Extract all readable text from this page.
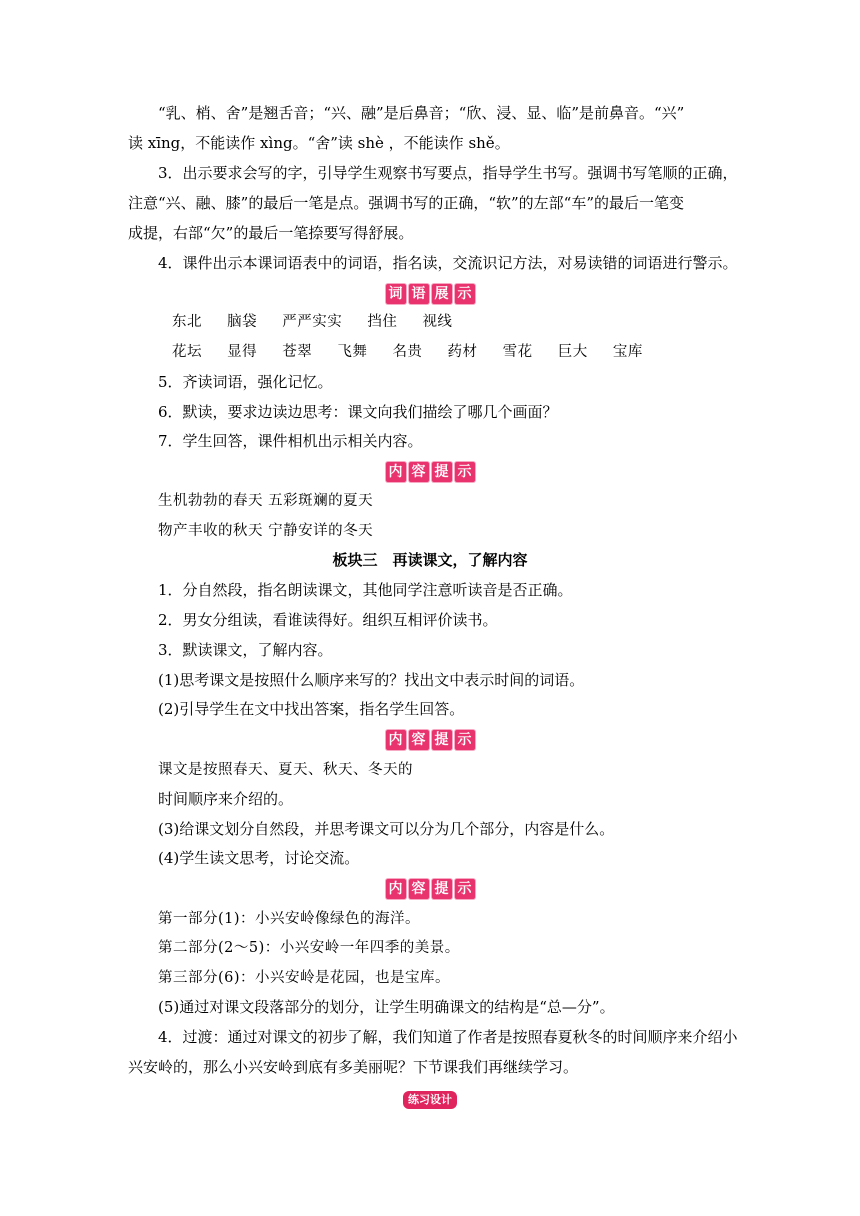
“乳、梢、舍”是翘舌音；“兴、融”是后鼻音；“欣、浸、显、临”是前鼻音。“兴”
读 xīng，不能读作 xìng。“舍”读 shè ，不能读作 shě。
3．出示要求会写的字，引导学生观察书写要点，指导学生书写。强调书写笔顺的正确，
注意“兴、融、膝”的最后一笔是点。强调书写的正确，“软”的左部“车”的最后一笔变
成提，右部“欠”的最后一笔捺要写得舒展。
4．课件出示本课词语表中的词语，指名读，交流识记方法，对易读错的词语进行警示。
词 语 展 示
东北 脑袋 严严实实 挡住 视线
花坛 显得 苍翠 飞舞 名贵 药材 雪花 巨大 宝库
5．齐读词语，强化记忆。
6．默读，要求边读边思考：课文向我们描绘了哪几个画面？
7．学生回答，课件相机出示相关内容。
内 容 提 示
生机勃勃的春天 五彩斑斓的夏天
物产丰收的秋天 宁静安详的冬天
板块三　再读课文，了解内容
1．分自然段，指名朗读课文，其他同学注意听读音是否正确。
2．男女分组读，看谁读得好。组织互相评价读书。
3．默读课文，了解内容。
(1)思考课文是按照什么顺序来写的？找出文中表示时间的词语。
(2)引导学生在文中找出答案，指名学生回答。
内 容 提 示
课文是按照春天、夏天、秋天、冬天的
时间顺序来介绍的。
(3)给课文划分自然段，并思考课文可以分为几个部分，内容是什么。
(4)学生读文思考，讨论交流。
内 容 提 示
第一部分(1)：小兴安岭像绿色的海洋。
第二部分(2～5)：小兴安岭一年四季的美景。
第三部分(6)：小兴安岭是花园，也是宝库。
(5)通过对课文段落部分的划分，让学生明确课文的结构是“总—分”。
4．过渡：通过对课文的初步了解，我们知道了作者是按照春夏秋冬的时间顺序来介绍小
兴安岭的，那么小兴安岭到底有多美丽呢？下节课我们再继续学习。
练习设计
